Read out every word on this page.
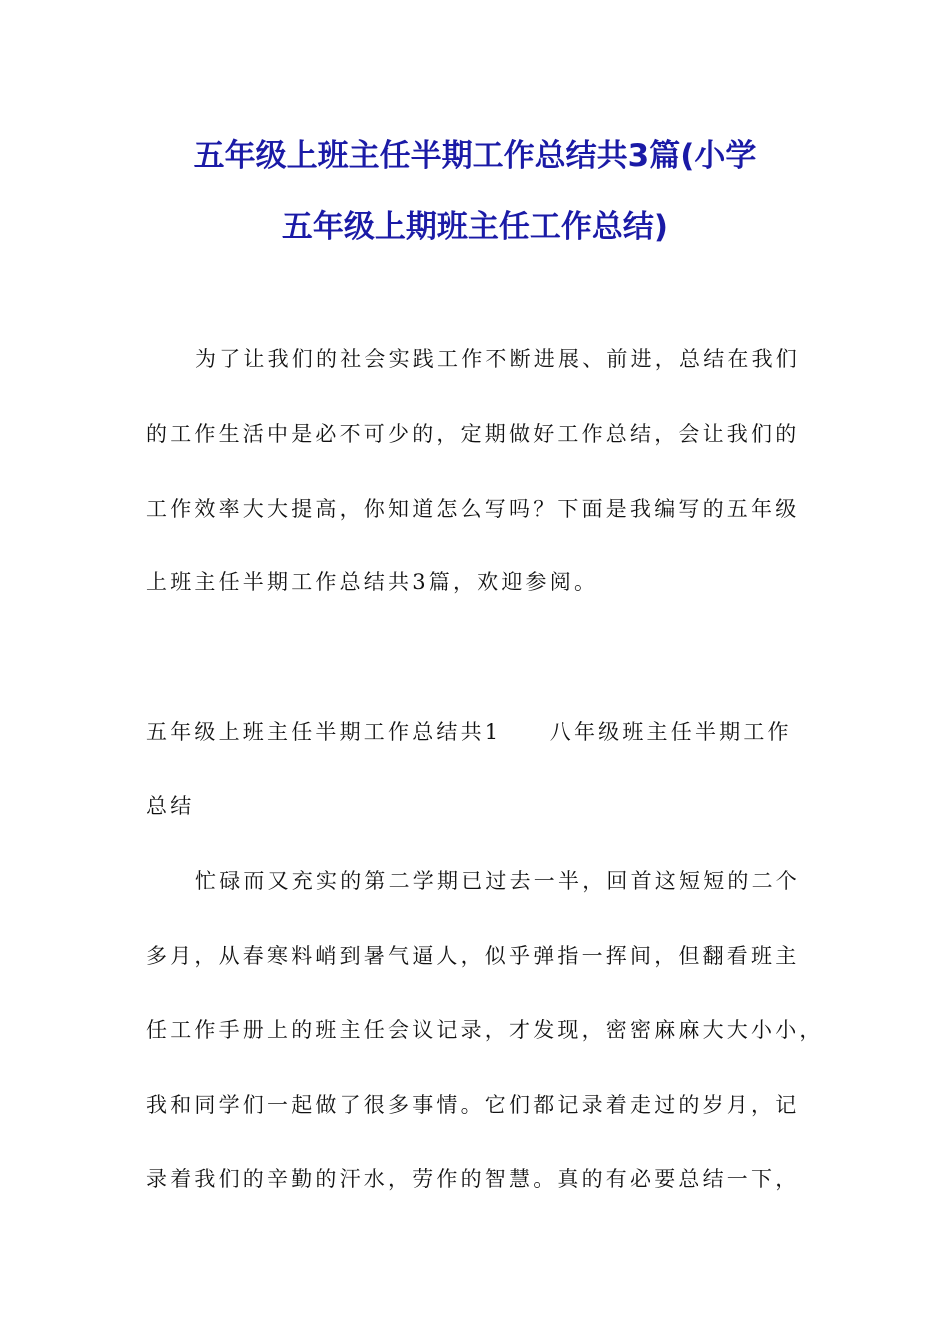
五年级上班主任半期工作总结共3篇(小学
五年级上期班主任工作总结)
为了让我们的社会实践工作不断进展、前进，总结在我们
的工作生活中是必不可少的，定期做好工作总结，会让我们的
工作效率大大提高，你知道怎么写吗？下面是我编写的五年级
上班主任半期工作总结共3篇，欢迎参阅。
五年级上班主任半期工作总结共1　　八年级班主任半期工作
总结
忙碌而又充实的第二学期已过去一半，回首这短短的二个
多月，从春寒料峭到暑气逼人，似乎弹指一挥间，但翻看班主
任工作手册上的班主任会议记录，才发现，密密麻麻大大小小，
我和同学们一起做了很多事情。它们都记录着走过的岁月，记
录着我们的辛勤的汗水，劳作的智慧。真的有必要总结一下，
